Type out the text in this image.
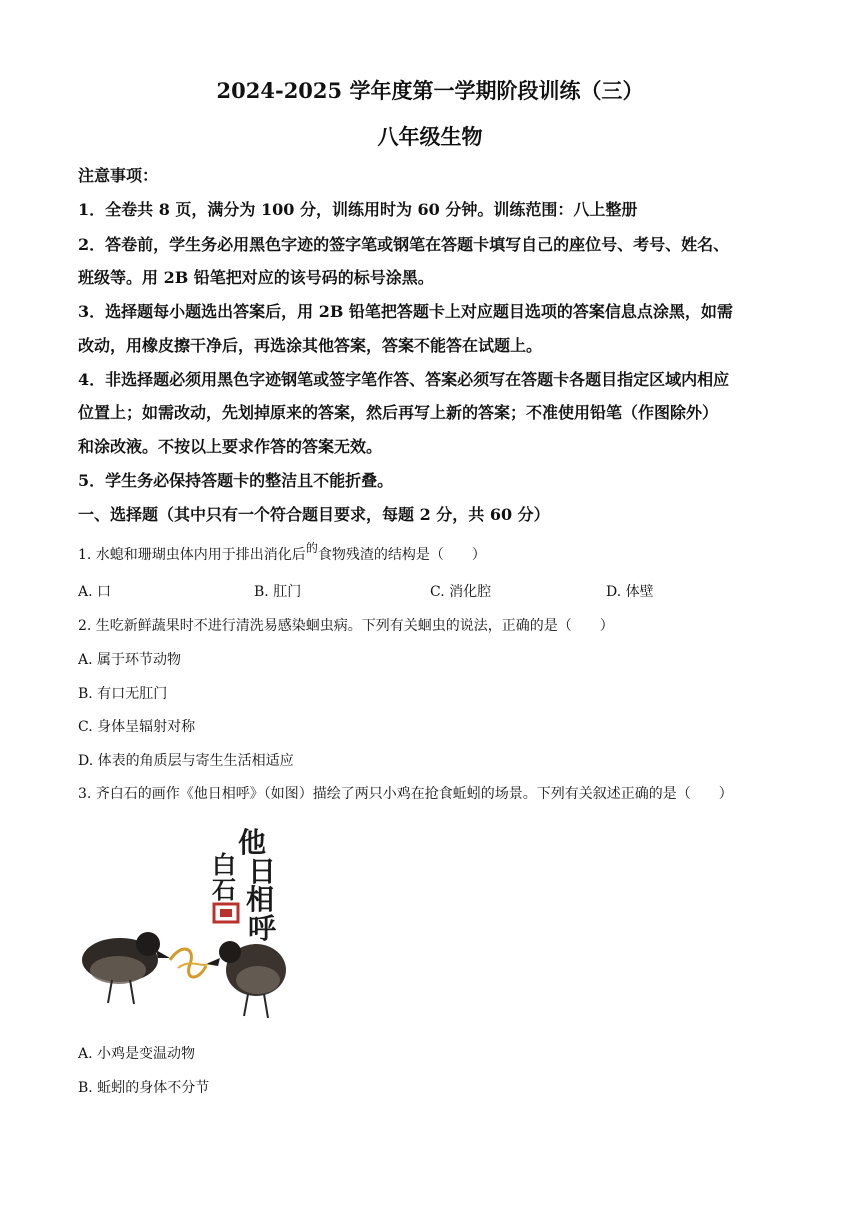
2024-2025 学年度第一学期阶段训练（三）
八年级生物
注意事项：
1．全卷共 8 页，满分为 100 分，训练用时为 60 分钟。训练范围：八上整册
2．答卷前，学生务必用黑色字迹的签字笔或钢笔在答题卡填写自己的座位号、考号、姓名、
班级等。用 2B 铅笔把对应的该号码的标号涂黑。
3．选择题每小题选出答案后，用 2B 铅笔把答题卡上对应题目选项的答案信息点涂黑，如需
改动，用橡皮擦干净后，再选涂其他答案，答案不能答在试题上。
4．非选择题必须用黑色字迹钢笔或签字笔作答、答案必须写在答题卡各题目指定区域内相应
位置上；如需改动，先划掉原来的答案，然后再写上新的答案；不准使用铅笔（作图除外）
和涂改液。不按以上要求作答的答案无效。
5．学生务必保持答题卡的整洁且不能折叠。
一、选择题（其中只有一个符合题目要求，每题 2 分，共 60 分）
1. 水螅和珊瑚虫体内用于排出消化后的食物残渣的结构是（　　）
A. 口	B. 肛门	C. 消化腔	D. 体壁
2. 生吃新鲜蔬果时不进行清洗易感染蛔虫病。下列有关蛔虫的说法，正确的是（　　）
A. 属于环节动物
B. 有口无肛门
C. 身体呈辐射对称
D. 体表的角质层与寄生生活相适应
3. 齐白石的画作《他日相呼》（如图）描绘了两只小鸡在抢食蚯蚓的场景。下列有关叙述正确的是（　　）
他
日
相
呼
白
石
A. 小鸡是变温动物
B. 蚯蚓的身体不分节
